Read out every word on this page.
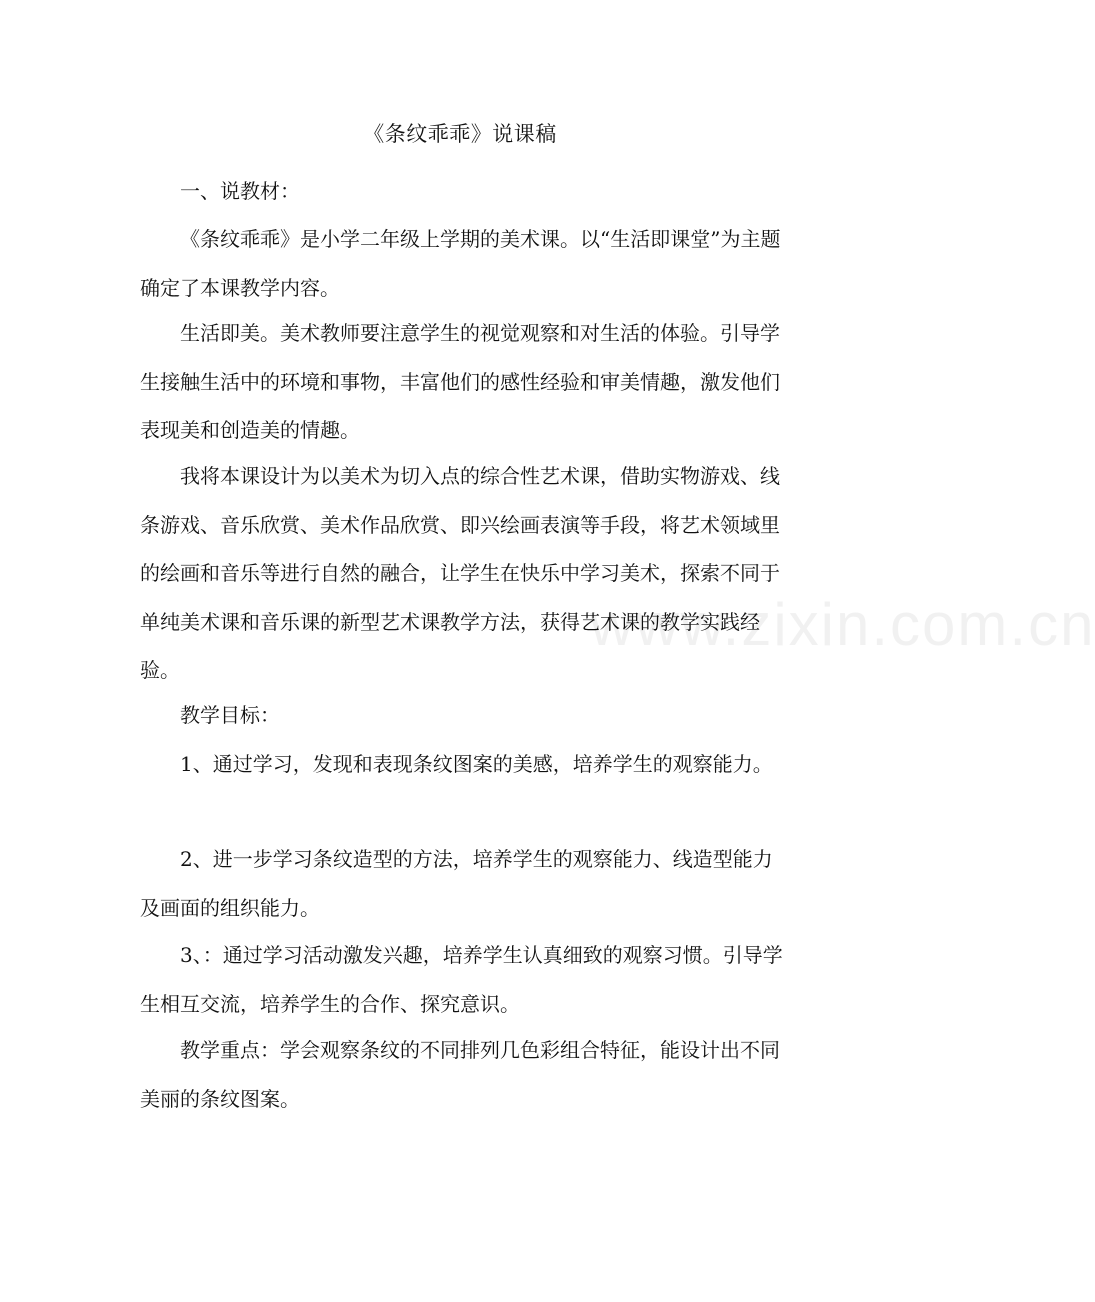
www.zixin.com.cn
《条纹乖乖》说课稿

一、说教材：

《条纹乖乖》是小学二年级上学期的美术课。以“生活即课堂”为主题确定了本课教学内容。

生活即美。美术教师要注意学生的视觉观察和对生活的体验。引导学生接触生活中的环境和事物，丰富他们的感性经验和审美情趣，激发他们表现美和创造美的情趣。

我将本课设计为以美术为切入点的综合性艺术课，借助实物游戏、线条游戏、音乐欣赏、美术作品欣赏、即兴绘画表演等手段，将艺术领域里的绘画和音乐等进行自然的融合，让学生在快乐中学习美术，探索不同于单纯美术课和音乐课的新型艺术课教学方法，获得艺术课的教学实践经验。

教学目标：

1、通过学习，发现和表现条纹图案的美感，培养学生的观察能力。

2、进一步学习条纹造型的方法，培养学生的观察能力、线造型能力及画面的组织能力。

3、：通过学习活动激发兴趣，培养学生认真细致的观察习惯。引导学生相互交流，培养学生的合作、探究意识。

教学重点：学会观察条纹的不同排列几色彩组合特征，能设计出不同美丽的条纹图案。
